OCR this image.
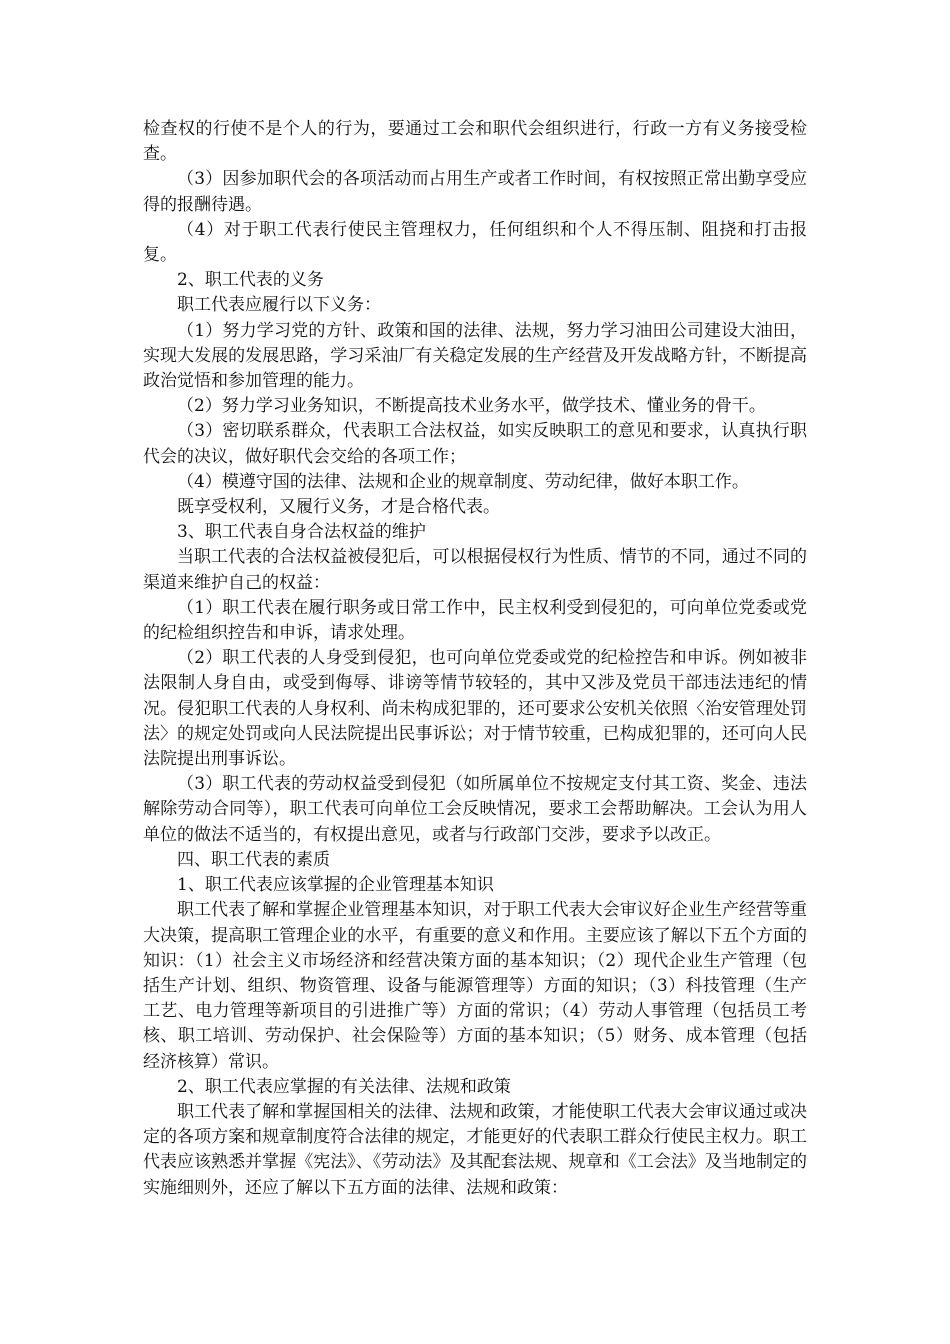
检查权的行使不是个人的行为，要通过工会和职代会组织进行，行政一方有义务接受检查。

（3）因参加职代会的各项活动而占用生产或者工作时间，有权按照正常出勤享受应得的报酬待遇。

（4）对于职工代表行使民主管理权力，任何组织和个人不得压制、阻挠和打击报复。

2、职工代表的义务

职工代表应履行以下义务：

（1）努力学习党的方针、政策和国的法律、法规，努力学习油田公司建设大油田，实现大发展的发展思路，学习采油厂有关稳定发展的生产经营及开发战略方针，不断提高政治觉悟和参加管理的能力。

（2）努力学习业务知识，不断提高技术业务水平，做学技术、懂业务的骨干。

（3）密切联系群众，代表职工合法权益，如实反映职工的意见和要求，认真执行职代会的决议，做好职代会交给的各项工作；

（4）模遵守国的法律、法规和企业的规章制度、劳动纪律，做好本职工作。

既享受权利，又履行义务，才是合格代表。

3、职工代表自身合法权益的维护

当职工代表的合法权益被侵犯后，可以根据侵权行为性质、情节的不同，通过不同的渠道来维护自己的权益：

（1）职工代表在履行职务或日常工作中，民主权利受到侵犯的，可向单位党委或党的纪检组织控告和申诉，请求处理。

（2）职工代表的人身受到侵犯，也可向单位党委或党的纪检控告和申诉。例如被非法限制人身自由，或受到侮辱、诽谤等情节较轻的，其中又涉及党员干部违法违纪的情况。侵犯职工代表的人身权利、尚未构成犯罪的，还可要求公安机关依照〈治安管理处罚法〉的规定处罚或向人民法院提出民事诉讼；对于情节较重，已构成犯罪的，还可向人民法院提出刑事诉讼。

（3）职工代表的劳动权益受到侵犯（如所属单位不按规定支付其工资、奖金、违法解除劳动合同等），职工代表可向单位工会反映情况，要求工会帮助解决。工会认为用人单位的做法不适当的，有权提出意见，或者与行政部门交涉，要求予以改正。

四、职工代表的素质

1、职工代表应该掌握的企业管理基本知识

职工代表了解和掌握企业管理基本知识，对于职工代表大会审议好企业生产经营等重大决策，提高职工管理企业的水平，有重要的意义和作用。主要应该了解以下五个方面的知识：（1）社会主义市场经济和经营决策方面的基本知识；（2）现代企业生产管理（包括生产计划、组织、物资管理、设备与能源管理等）方面的知识；（3）科技管理（生产工艺、电力管理等新项目的引进推广等）方面的常识；（4）劳动人事管理（包括员工考核、职工培训、劳动保护、社会保险等）方面的基本知识；（5）财务、成本管理（包括经济核算）常识。

2、职工代表应掌握的有关法律、法规和政策

职工代表了解和掌握国相关的法律、法规和政策，才能使职工代表大会审议通过或决定的各项方案和规章制度符合法律的规定，才能更好的代表职工群众行使民主权力。职工代表应该熟悉并掌握《宪法》、《劳动法》及其配套法规、规章和《工会法》及当地制定的实施细则外，还应了解以下五方面的法律、法规和政策：
